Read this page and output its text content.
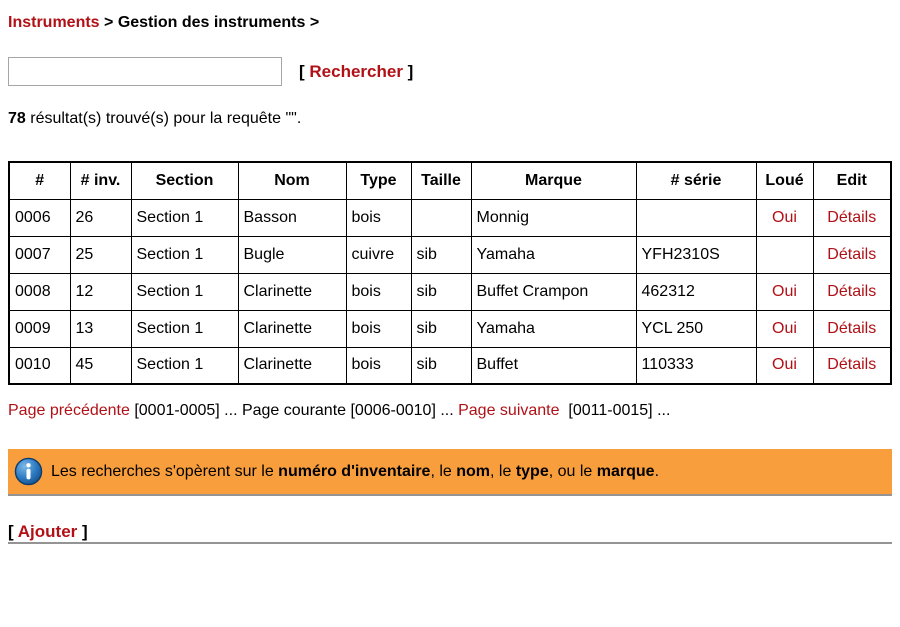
Instruments > Gestion des instruments >
[ Rechercher ]
78 résultat(s) trouvé(s) pour la requête "".
#	# inv.	Section	Nom	Type	Taille	Marque	# série	Loué	Edit
0006	26	Section 1	Basson	bois		Monnig		Oui	Détails
0007	25	Section 1	Bugle	cuivre	sib	Yamaha	YFH2310S		Détails
0008	12	Section 1	Clarinette	bois	sib	Buffet Crampon	462312	Oui	Détails
0009	13	Section 1	Clarinette	bois	sib	Yamaha	YCL 250	Oui	Détails
0010	45	Section 1	Clarinette	bois	sib	Buffet	110333	Oui	Détails
Page précédente [0001-0005] ... Page courante [0006-0010] ... Page suivante  [0011-0015] ...
Les recherches s'opèrent sur le numéro d'inventaire, le nom, le type, ou le marque.
[ Ajouter ]
